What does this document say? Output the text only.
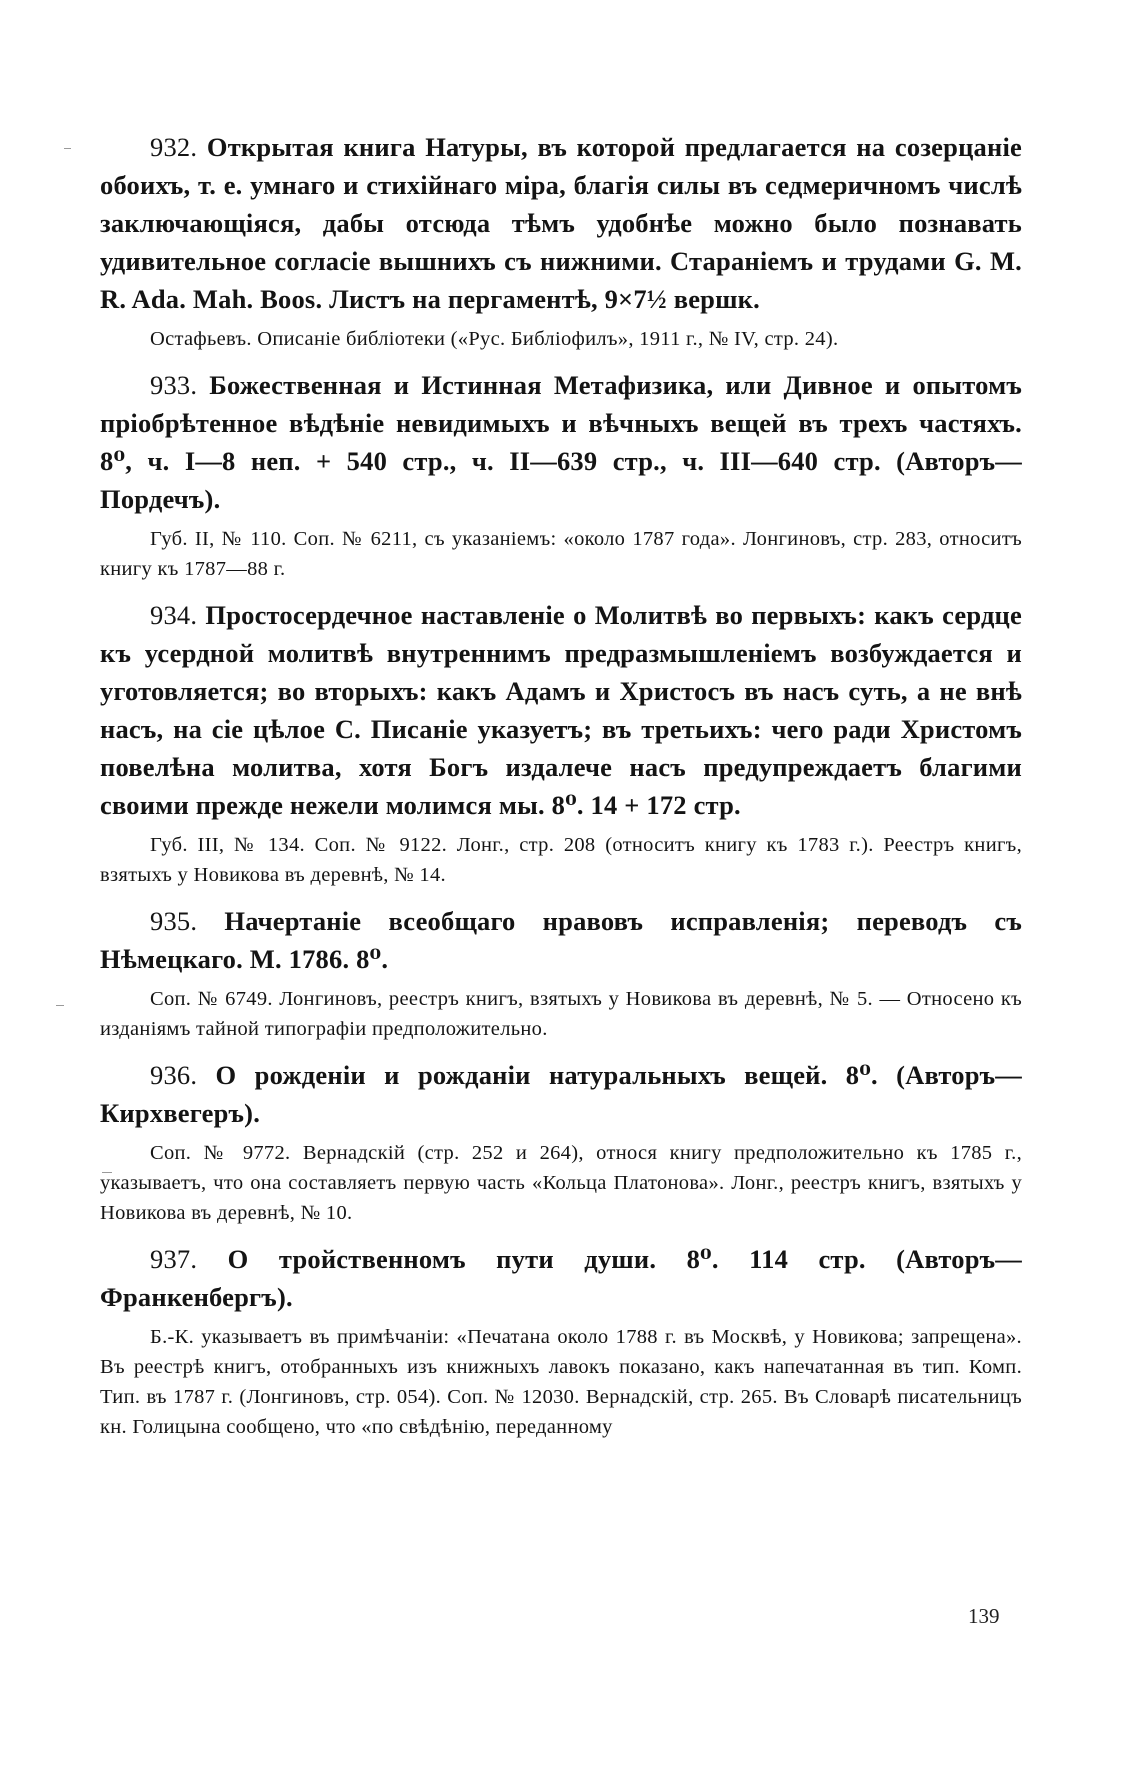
932. Открытая книга Натуры, въ которой предлагается на созерцаніе обоихъ, т. е. умнаго и стихійнаго міра, благія силы въ седмеричномъ числѣ заключающіяся, дабы отсюда тѣмъ удобнѣе можно было познавать удивительное согласіе вышнихъ съ нижними. Стараніемъ и трудами G. M. R. Ada. Mah. Boos. Листъ на пергаментѣ, 9×7½ вершк.

Остафьевъ. Описаніе библіотеки («Рус. Библіофилъ», 1911 г., № IV, стр. 24).

933. Божественная и Истинная Метафизика, или Дивное и опытомъ пріобрѣтенное вѣдѣніе невидимыхъ и вѣчныхъ вещей въ трехъ частяхъ. 8⁰, ч. I—8 неп. + 540 стр., ч. II—639 стр., ч. III—640 стр. (Авторъ—Пордечъ).

Губ. II, № 110. Соп. № 6211, съ указаніемъ: «около 1787 года». Лонгиновъ, стр. 283, относитъ книгу къ 1787—88 г.

934. Простосердечное наставленіе о Молитвѣ во первыхъ: какъ сердце къ усердной молитвѣ внутреннимъ предразмышленіемъ возбуждается и уготовляется; во вторыхъ: какъ Адамъ и Христосъ въ насъ суть, а не внѣ насъ, на сіе цѣлое С. Писаніе указуетъ; въ третьихъ: чего ради Христомъ повелѣна молитва, хотя Богъ издалече насъ предупреждаетъ благими своими прежде нежели молимся мы. 8⁰. 14 + 172 стр.

Губ. III, № 134. Соп. № 9122. Лонг., стр. 208 (относитъ книгу къ 1783 г.). Реестръ книгъ, взятыхъ у Новикова въ деревнѣ, № 14.

935. Начертаніе всеобщаго нравовъ исправленія; переводъ съ Нѣмецкаго. М. 1786. 8⁰.

Соп. № 6749. Лонгиновъ, реестръ книгъ, взятыхъ у Новикова въ деревнѣ, № 5. — Относено къ изданіямъ тайной типографіи предположительно.

936. О рожденіи и рожданіи натуральныхъ вещей. 8⁰. (Авторъ—Кирхвегеръ).

Соп. № 9772. Вернадскій (стр. 252 и 264), относя книгу предположительно къ 1785 г., указываетъ, что она составляетъ первую часть «Кольца Платонова». Лонг., реестръ книгъ, взятыхъ у Новикова въ деревнѣ, № 10.

937. О тройственномъ пути души. 8⁰. 114 стр. (Авторъ—Франкенбергъ).

Б.-К. указываетъ въ примѣчаніи: «Печатана около 1788 г. въ Москвѣ, у Новикова; запрещена». Въ реестрѣ книгъ, отобранныхъ изъ книжныхъ лавокъ показано, какъ напечатанная въ тип. Комп. Тип. въ 1787 г. (Лонгиновъ, стр. 054). Соп. № 12030. Вернадскій, стр. 265. Въ Словарѣ писательницъ кн. Голицына сообщено, что «по свѣдѣнію, переданному

139
